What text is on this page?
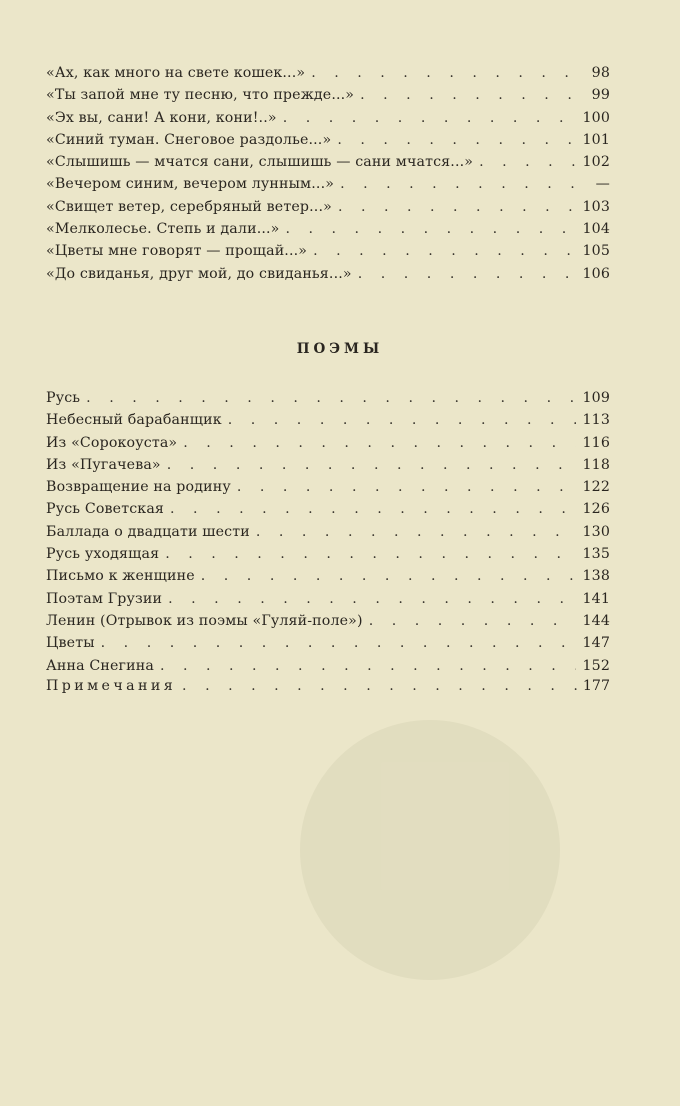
«Ах, как много на свете кошек...» . . .	98
«Ты запой мне ту песню, что прежде...» . . .	99
«Эх вы, сани! А кони, кони!..» . . .	100
«Синий туман. Снеговое раздолье...» . . .	101
«Слышишь — мчатся сани, слышишь — сани мчатся...» . . .	102
«Вечером синим, вечером лунным...» . . .	—
«Свищет ветер, серебряный ветер...» . . .	103
«Мелколесье. Степь и дали...» . . .	104
«Цветы мне говорят — прощай...» . . .	105
«До свиданья, друг мой, до свиданья...» . . .	106
ПОЭМЫ
Русь . . .	109
Небесный барабанщик . . .	113
Из «Сорокоуста» . . .	116
Из «Пугачева» . . .	118
Возвращение на родину . . .	122
Русь Советская . . .	126
Баллада о двадцати шести . . .	130
Русь уходящая . . .	135
Письмо к женщине . . .	138
Поэтам Грузии . . .	141
Ленин (Отрывок из поэмы «Гуляй-поле») . . .	144
Цветы . . .	147
Анна Снегина . . .	152
Примечания . . .	177
